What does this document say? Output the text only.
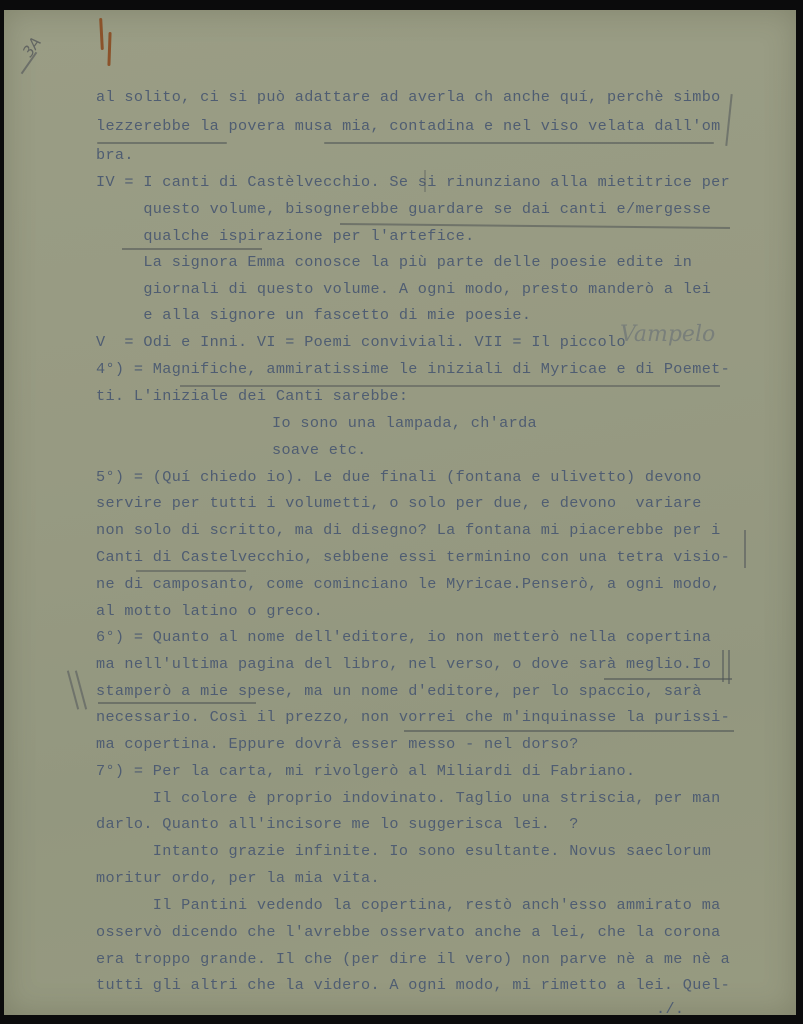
3A
al solito, ci si può adattare ad averla ch anche quí, perchè simbo
lezzerebbe la povera musa mia, contadina e nel viso velata dall'om
bra.
IV = I canti di Castèlvecchio. Se si rinunziano alla mietitrice per
questo volume, bisognerebbe guardare se dai canti e/mergesse
qualche ispirazione per l'artefice.
La signora Emma conosce la più parte delle poesie edite in
giornali di questo volume. A ogni modo, presto manderò a lei
e alla signore un fascetto di mie poesie.
V  = Odi e Inni. VI = Poemi conviviali. VII = Il piccolo
Vampelo
4°) = Magnifiche, ammiratissime le iniziali di Myricae e di Poemet-
ti. L'iniziale dei Canti sarebbe:
Io sono una lampada, ch'arda
soave etc.
5°) = (Quí chiedo io). Le due finali (fontana e ulivetto) devono
servire per tutti i volumetti, o solo per due, e devono  variare
non solo di scritto, ma di disegno? La fontana mi piacerebbe per i
Canti di Castelvecchio, sebbene essi terminino con una tetra visio-
ne di camposanto, come cominciano le Myricae.Penserò, a ogni modo,
al motto latino o greco.
6°) = Quanto al nome dell'editore, io non metterò nella copertina
ma nell'ultima pagina del libro, nel verso, o dove sarà meglio.Io
stamperò a mie spese, ma un nome d'editore, per lo spaccio, sarà
necessario. Così il prezzo, non vorrei che m'inquinasse la purissi-
ma copertina. Eppure dovrà esser messo - nel dorso?
7°) = Per la carta, mi rivolgerò al Miliardi di Fabriano.
Il colore è proprio indovinato. Taglio una striscia, per man
darlo. Quanto all'incisore me lo suggerisca lei.  ?
Intanto grazie infinite. Io sono esultante. Novus saeclorum
moritur ordo, per la mia vita.
Il Pantini vedendo la copertina, restò anch'esso ammirato ma
osservò dicendo che l'avrebbe osservato anche a lei, che la corona
era troppo grande. Il che (per dire il vero) non parve nè a me nè a
tutti gli altri che la videro. A ogni modo, mi rimetto a lei. Quel-
./.
